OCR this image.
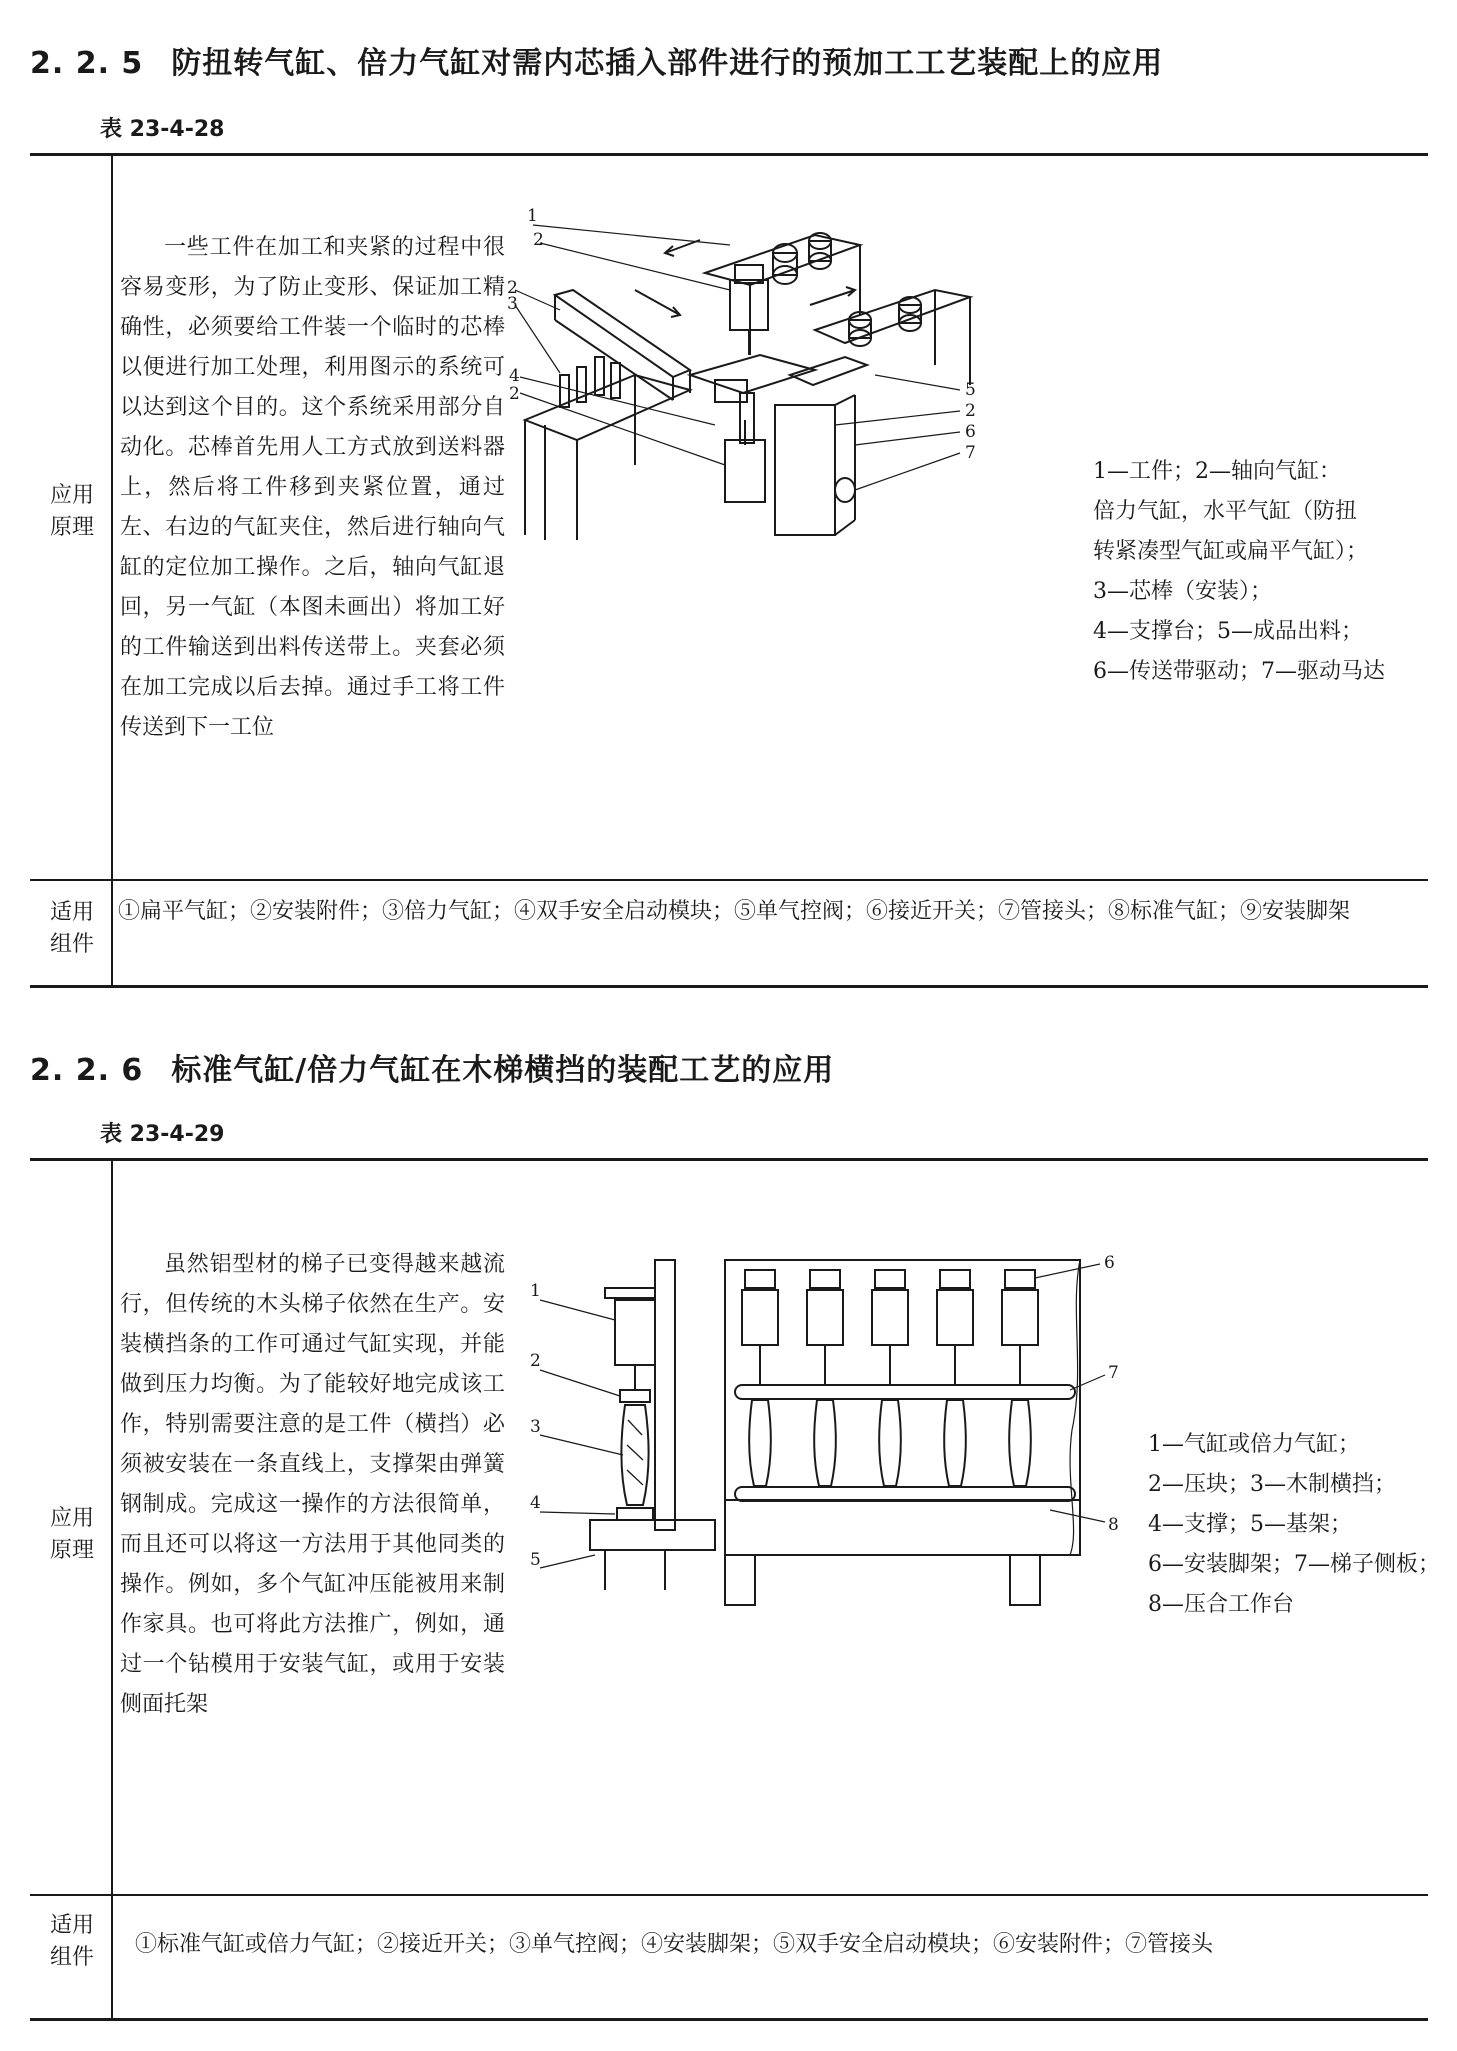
2. 2. 5 防扭转气缸、倍力气缸对需内芯插入部件进行的预加工工艺装配上的应用
表 23-4-28
应用
原理
一些工件在加工和夹紧的过程中很容易变形，为了防止变形、保证加工精确性，必须要给工件装一个临时的芯棒以便进行加工处理，利用图示的系统可以达到这个目的。这个系统采用部分自动化。芯棒首先用人工方式放到送料器上，然后将工件移到夹紧位置，通过左、右边的气缸夹住，然后进行轴向气缸的定位加工操作。之后，轴向气缸退回，另一气缸（本图未画出）将加工好的工件输送到出料传送带上。夹套必须在加工完成以后去掉。通过手工将工件传送到下一工位
1
2
2
3
4
2	5
2
6
7
1—工件；2—轴向气缸：
倍力气缸，水平气缸（防扭
转紧凑型气缸或扁平气缸）；
3—芯棒（安装）；
4—支撑台；5—成品出料；
6—传送带驱动；7—驱动马达
适用
组件
①扁平气缸；②安装附件；③倍力气缸；④双手安全启动模块；⑤单气控阀；⑥接近开关；⑦管接头；⑧标准气缸；⑨安装脚架
2. 2. 6 标准气缸/倍力气缸在木梯横挡的装配工艺的应用
表 23-4-29
应用
原理
虽然铝型材的梯子已变得越来越流行，但传统的木头梯子依然在生产。安装横挡条的工作可通过气缸实现，并能做到压力均衡。为了能较好地完成该工作，特别需要注意的是工件（横挡）必须被安装在一条直线上，支撑架由弹簧钢制成。完成这一操作的方法很简单，而且还可以将这一方法用于其他同类的操作。例如，多个气缸冲压能被用来制作家具。也可将此方法推广，例如，通过一个钻模用于安装气缸，或用于安装侧面托架
1
2
3
4
5
6
7
8
1—气缸或倍力气缸；
2—压块；3—木制横挡；
4—支撑；5—基架；
6—安装脚架；7—梯子侧板；
8—压合工作台
适用
组件
①标准气缸或倍力气缸；②接近开关；③单气控阀；④安装脚架；⑤双手安全启动模块；⑥安装附件；⑦管接头
